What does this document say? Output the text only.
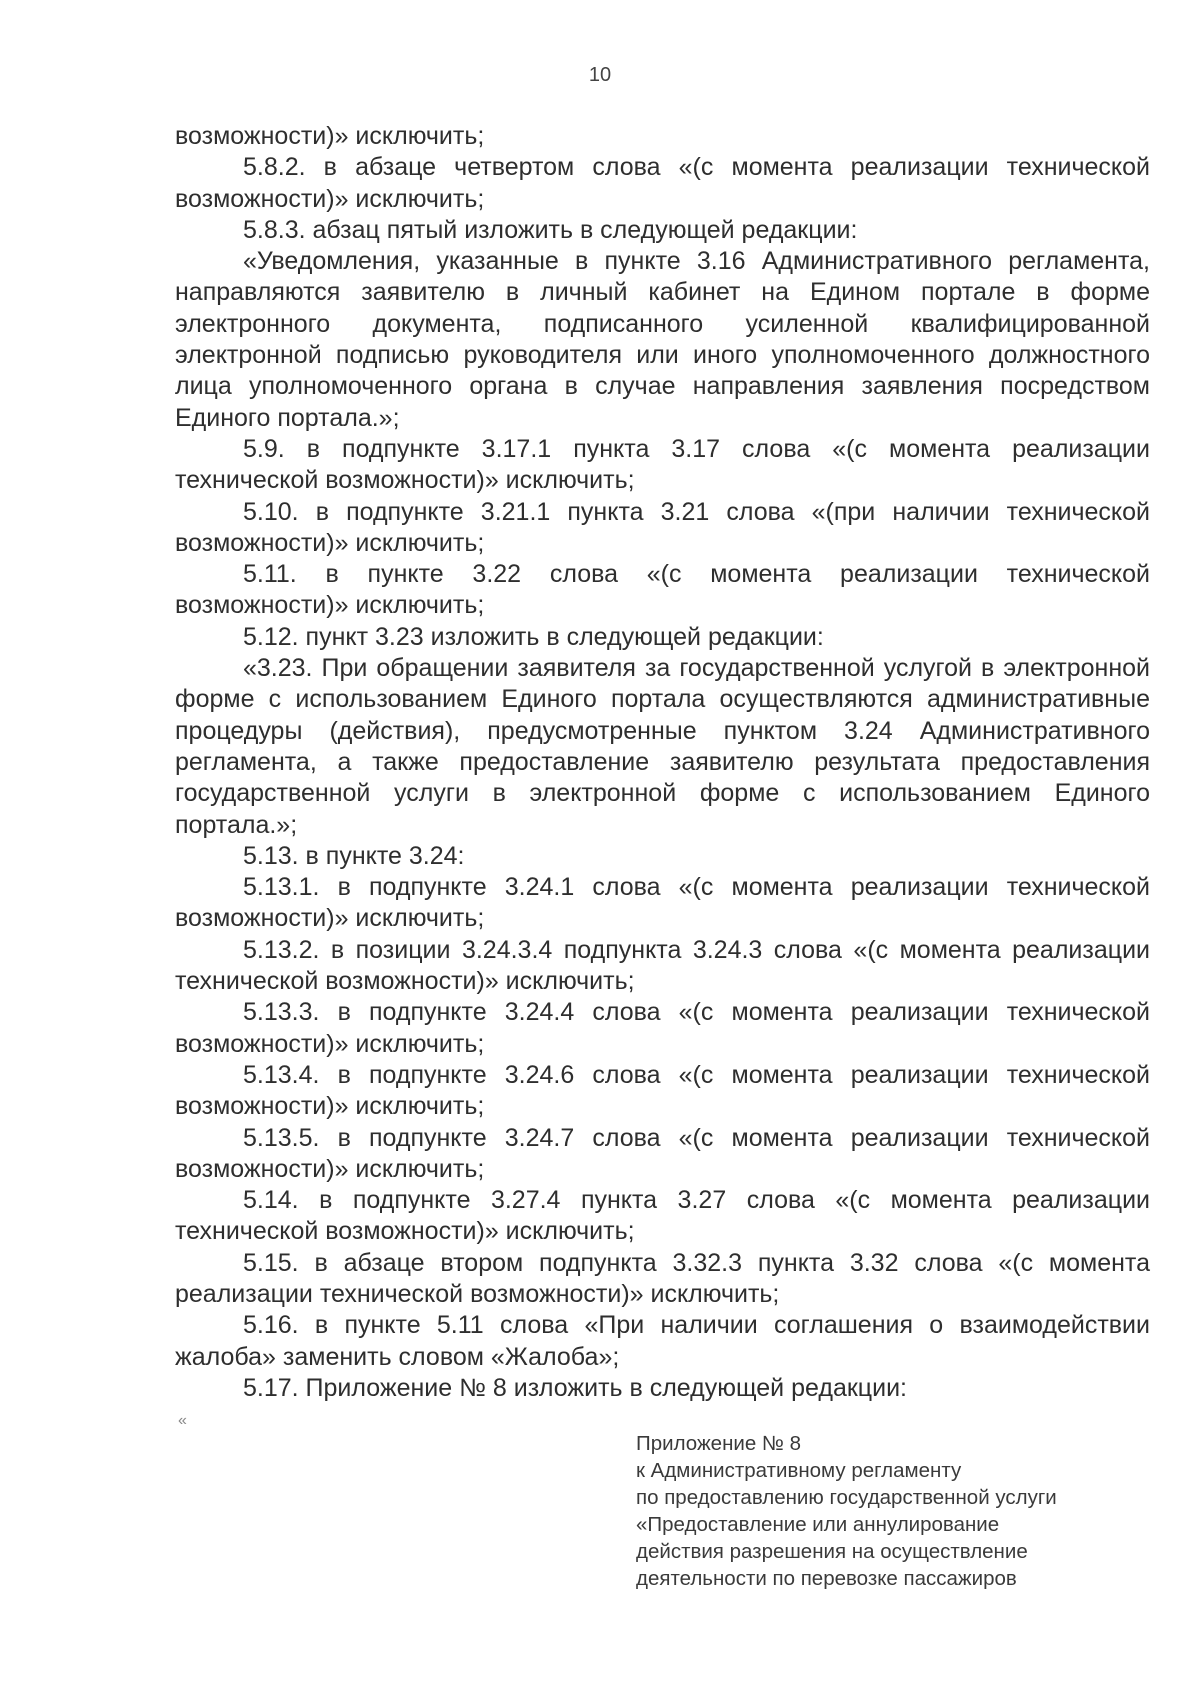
10

возможности)» исключить;

5.8.2. в абзаце четвертом слова «(с момента реализации технической возможности)» исключить;

5.8.3. абзац пятый изложить в следующей редакции:

«Уведомления, указанные в пункте 3.16 Административного регламента, направляются заявителю в личный кабинет на Едином портале в форме электронного документа, подписанного усиленной квалифицированной электронной подписью руководителя или иного уполномоченного должностного лица уполномоченного органа в случае направления заявления посредством Единого портала.»;

5.9. в подпункте 3.17.1 пункта 3.17 слова «(с момента реализации технической возможности)» исключить;

5.10. в подпункте 3.21.1 пункта 3.21 слова «(при наличии технической возможности)» исключить;

5.11. в пункте 3.22 слова «(с момента реализации технической возможности)» исключить;

5.12. пункт 3.23 изложить в следующей редакции:

«3.23. При обращении заявителя за государственной услугой в электронной форме с использованием Единого портала осуществляются административные процедуры (действия), предусмотренные пунктом 3.24 Административного регламента, а также предоставление заявителю результата предоставления государственной услуги в электронной форме с использованием Единого портала.»;

5.13. в пункте 3.24:

5.13.1. в подпункте 3.24.1 слова «(с момента реализации технической возможности)» исключить;

5.13.2. в позиции 3.24.3.4 подпункта 3.24.3 слова «(с момента реализации технической возможности)» исключить;

5.13.3. в подпункте 3.24.4 слова «(с момента реализации технической возможности)» исключить;

5.13.4. в подпункте 3.24.6 слова «(с момента реализации технической возможности)» исключить;

5.13.5. в подпункте 3.24.7 слова «(с момента реализации технической возможности)» исключить;

5.14. в подпункте 3.27.4 пункта 3.27 слова «(с момента реализации технической возможности)» исключить;

5.15. в абзаце втором подпункта 3.32.3 пункта 3.32 слова «(с момента реализации технической возможности)» исключить;

5.16. в пункте 5.11 слова «При наличии соглашения о взаимодействии жалоба» заменить словом «Жалоба»;

5.17. Приложение № 8 изложить в следующей редакции:

«
Приложение № 8
к Административному регламенту
по предоставлению государственной услуги
«Предоставление или аннулирование
действия разрешения на осуществление
деятельности по перевозке пассажиров
